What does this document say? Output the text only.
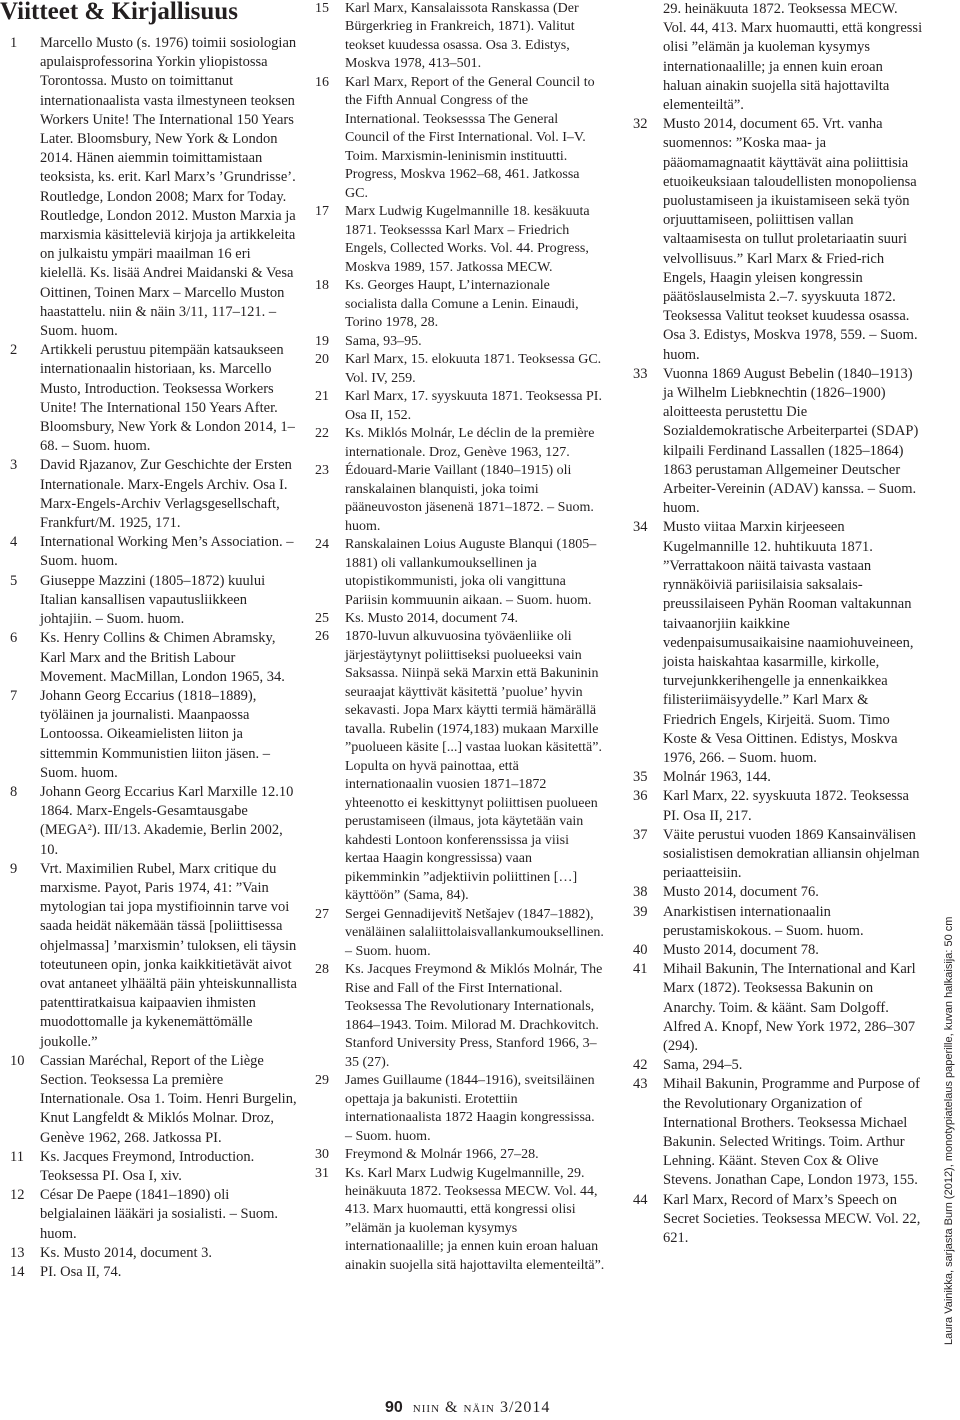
Viitteet & Kirjallisuus
1	Marcello Musto (s. 1976) toimii sosiologian apulaisprofessorina Yorkin yliopistossa Torontossa. Musto on toimittanut internationaalista vasta ilmestyneen teoksen Workers Unite! The International 150 Years Later. Bloomsbury, New York & London 2014. Hänen aiemmin toimittamistaan teoksista, ks. erit. Karl Marx’s ’Grundrisse’. Routledge, London 2008; Marx for Today. Routledge, London 2012. Muston Marxia ja marxismia käsitteleviä kirjoja ja artikkeleita on julkaistu ympäri maailman 16 eri kielellä. Ks. lisää Andrei Maidanski & Vesa Oittinen, Toinen Marx – Marcello Muston haastattelu. niin & näin 3/11, 117–121. – Suom. huom.
2	Artikkeli perustuu pitempään katsaukseen internationaalin historiaan, ks. Marcello Musto, Introduction. Teoksessa Workers Unite! The International 150 Years After. Bloomsbury, New York & London 2014, 1–68. – Suom. huom.
3	David Rjazanov, Zur Geschichte der Ersten Internationale. Marx-Engels Archiv. Osa I. Marx-Engels-Archiv Verlagsgesellschaft, Frankfurt/M. 1925, 171.
4	International Working Men’s Association. – Suom. huom.
5	Giuseppe Mazzini (1805–1872) kuului Italian kansallisen vapautusliikkeen johtajiin. – Suom. huom.
6	Ks. Henry Collins & Chimen Abramsky, Karl Marx and the British Labour Movement. MacMillan, London 1965, 34.
7	Johann Georg Eccarius (1818–1889), työläinen ja journalisti. Maanpaossa Lontoossa. Oikeamielisten liiton ja sittemmin Kommunistien liiton jäsen. – Suom. huom.
8	Johann Georg Eccarius Karl Marxille 12.10 1864. Marx-Engels-Gesamtausgabe (MEGA²). III/13. Akademie, Berlin 2002, 10.
9	Vrt. Maximilien Rubel, Marx critique du marxisme. Payot, Paris 1974, 41: ”Vain mytologian tai jopa mystifioinnin tarve voi saada heidät näkemään tässä [poliittisessa ohjelmassa] ’marxismin’ tuloksen, eli täysin toteutuneen opin, jonka kaikkitietävät aivot ovat antaneet ylhäältä päin yhteiskunnallista patenttiratkaisua kaipaavien ihmisten muodottomalle ja kykenemättömälle joukolle.”
10	Cassian Maréchal, Report of the Liège Section. Teoksessa La première Internationale. Osa 1. Toim. Henri Burgelin, Knut Langfeldt & Miklós Molnar. Droz, Genève 1962, 268. Jatkossa PI.
11	Ks. Jacques Freymond, Introduction. Teoksessa PI. Osa I, xiv.
12	César De Paepe (1841–1890) oli belgialainen lääkäri ja sosialisti. – Suom. huom.
13	Ks. Musto 2014, document 3.
14	PI. Osa II, 74.
15	Karl Marx, Kansalaissota Ranskassa (Der Bürgerkrieg in Frankreich, 1871). Valitut teokset kuudessa osassa. Osa 3. Edistys, Moskva 1978, 413–501.
16	Karl Marx, Report of the General Council to the Fifth Annual Congress of the International. Teoksesssa The General Council of the First International. Vol. I–V. Toim. Marxismin-leninismin instituutti. Progress, Moskva 1962–68, 461. Jatkossa GC.
17	Marx Ludwig Kugelmannille 18. kesäkuuta 1871. Teoksesssa Karl Marx – Friedrich Engels, Collected Works. Vol. 44. Progress, Moskva 1989, 157. Jatkossa MECW.
18	Ks. Georges Haupt, L’internazionale socialista dalla Comune a Lenin. Einaudi, Torino 1978, 28.
19	Sama, 93–95.
20	Karl Marx, 15. elokuuta 1871. Teoksessa GC. Vol. IV, 259.
21	Karl Marx, 17. syyskuuta 1871. Teoksessa PI. Osa II, 152.
22	Ks. Miklós Molnár, Le déclin de la première internationale. Droz, Genève 1963, 127.
23	Édouard-Marie Vaillant (1840–1915) oli ranskalainen blanquisti, joka toimi pääneuvoston jäsenenä 1871–1872. – Suom. huom.
24	Ranskalainen Loius Auguste Blanqui (1805–1881) oli vallankumouksellinen ja utopistikommunisti, joka oli vangittuna Pariisin kommuunin aikaan. – Suom. huom.
25	Ks. Musto 2014, document 74.
26	1870-luvun alkuvuosina työväenliike oli järjestäytynyt poliittiseksi puolueeksi vain Saksassa. Niinpä sekä Marxin että Bakuninin seuraajat käyttivät käsitettä ’puolue’ hyvin sekavasti. Jopa Marx käytti termiä hämärällä tavalla. Rubelin (1974,183) mukaan Marxille ”puolueen käsite [...] vastaa luokan käsitettä”. Lopulta on hyvä painottaa, että internationaalin vuosien 1871–1872 yhteenotto ei keskittynyt poliittisen puolueen perustamiseen (ilmaus, jota käytetään vain kahdesti Lontoon konferenssissa ja viisi kertaa Haagin kongressissa) vaan pikemminkin ”adjektiivin poliittinen […] käyttöön” (Sama, 84).
27	Sergei Gennadijevitš Netšajev (1847–1882), venäläinen salaliittolaisvallankumouksellinen. – Suom. huom.
28	Ks. Jacques Freymond & Miklós Molnár, The Rise and Fall of the First International. Teoksessa The Revolutionary Internationals, 1864–1943. Toim. Milorad M. Drachkovitch. Stanford University Press, Stanford 1966, 3–35 (27).
29	James Guillaume (1844–1916), sveitsiläinen opettaja ja bakunisti. Erotettiin internationaalista 1872 Haagin kongressissa. – Suom. huom.
30	Freymond & Molnár 1966, 27–28.
31	Ks. Karl Marx Ludwig Kugelmannille, 29. heinäkuuta 1872. Teoksessa MECW. Vol. 44, 413. Marx huomautti, että kongressi olisi ”elämän ja kuoleman kysymys internationaalille; ja ennen kuin eroan haluan ainakin suojella sitä hajottavilta elementeiltä”.
29. heinäkuuta 1872. Teoksessa MECW. Vol. 44, 413. Marx huomautti, että kongressi olisi ”elämän ja kuoleman kysymys internationaalille; ja ennen kuin eroan haluan ainakin suojella sitä hajottavilta elementeiltä”.
32	Musto 2014, document 65. Vrt. vanha suomennos: ”Koska maa- ja pääomamagnaatit käyttävät aina poliittisia etuoikeuksiaan taloudellisten monopoliensa puolustamiseen ja ikuistamiseen sekä työn orjuuttamiseen, poliittisen vallan valtaamisesta on tullut proletariaatin suuri velvollisuus.” Karl Marx & Fried-rich Engels, Haagin yleisen kongressin päätöslauselmista 2.–7. syyskuuta 1872. Teoksessa Valitut teokset kuudessa osassa. Osa 3. Edistys, Moskva 1978, 559. – Suom. huom.
33	Vuonna 1869 August Bebelin (1840–1913) ja Wilhelm Liebknechtin (1826–1900) aloitteesta perustettu Die Sozialdemokratische Arbeiterpartei (SDAP) kilpaili Ferdinand Lassallen (1825–1864) 1863 perustaman Allgemeiner Deutscher Arbeiter-Vereinin (ADAV) kanssa. – Suom. huom.
34	Musto viitaa Marxin kirjeeseen Kugelmannille 12. huhtikuuta 1871. ”Verrattakoon näitä taivasta vastaan rynnäköiviä pariisilaisia saksalais-preussilaiseen Pyhän Rooman valtakunnan taivaanorjiin kaikkine vedenpaisumusaikaisine naamiohuveineen, joista haiskahtaa kasarmille, kirkolle, turvejunkkerihengelle ja ennenkaikkea filisteriimäisyydelle.” Karl Marx & Friedrich Engels, Kirjeitä. Suom. Timo Koste & Vesa Oittinen. Edistys, Moskva 1976, 266. – Suom. huom.
35	Molnár 1963, 144.
36	Karl Marx, 22. syyskuuta 1872. Teoksessa PI. Osa II, 217.
37	Väite perustui vuoden 1869 Kansainvälisen sosialistisen demokratian alliansin ohjelman periaatteisiin.
38	Musto 2014, document 76.
39	Anarkistisen internationaalin perustamiskokous. – Suom. huom.
40	Musto 2014, document 78.
41	Mihail Bakunin, The International and Karl Marx (1872). Teoksessa Bakunin on Anarchy. Toim. & käänt. Sam Dolgoff. Alfred A. Knopf, New York 1972, 286–307 (294).
42	Sama, 294–5.
43	Mihail Bakunin, Programme and Purpose of the Revolutionary Organization of International Brothers. Teoksessa Michael Bakunin. Selected Writings. Toim. Arthur Lehning. Käänt. Steven Cox & Olive Stevens. Jonathan Cape, London 1973, 155.
44	Karl Marx, Record of Marx’s Speech on Secret Societies. Teoksessa MECW. Vol. 22, 621.
90 niin & näin 3/2014
Laura Vainikka, sarjasta Burn (2012), monotypiatelaus paperille, kuvan halkaisija: 50 cm
